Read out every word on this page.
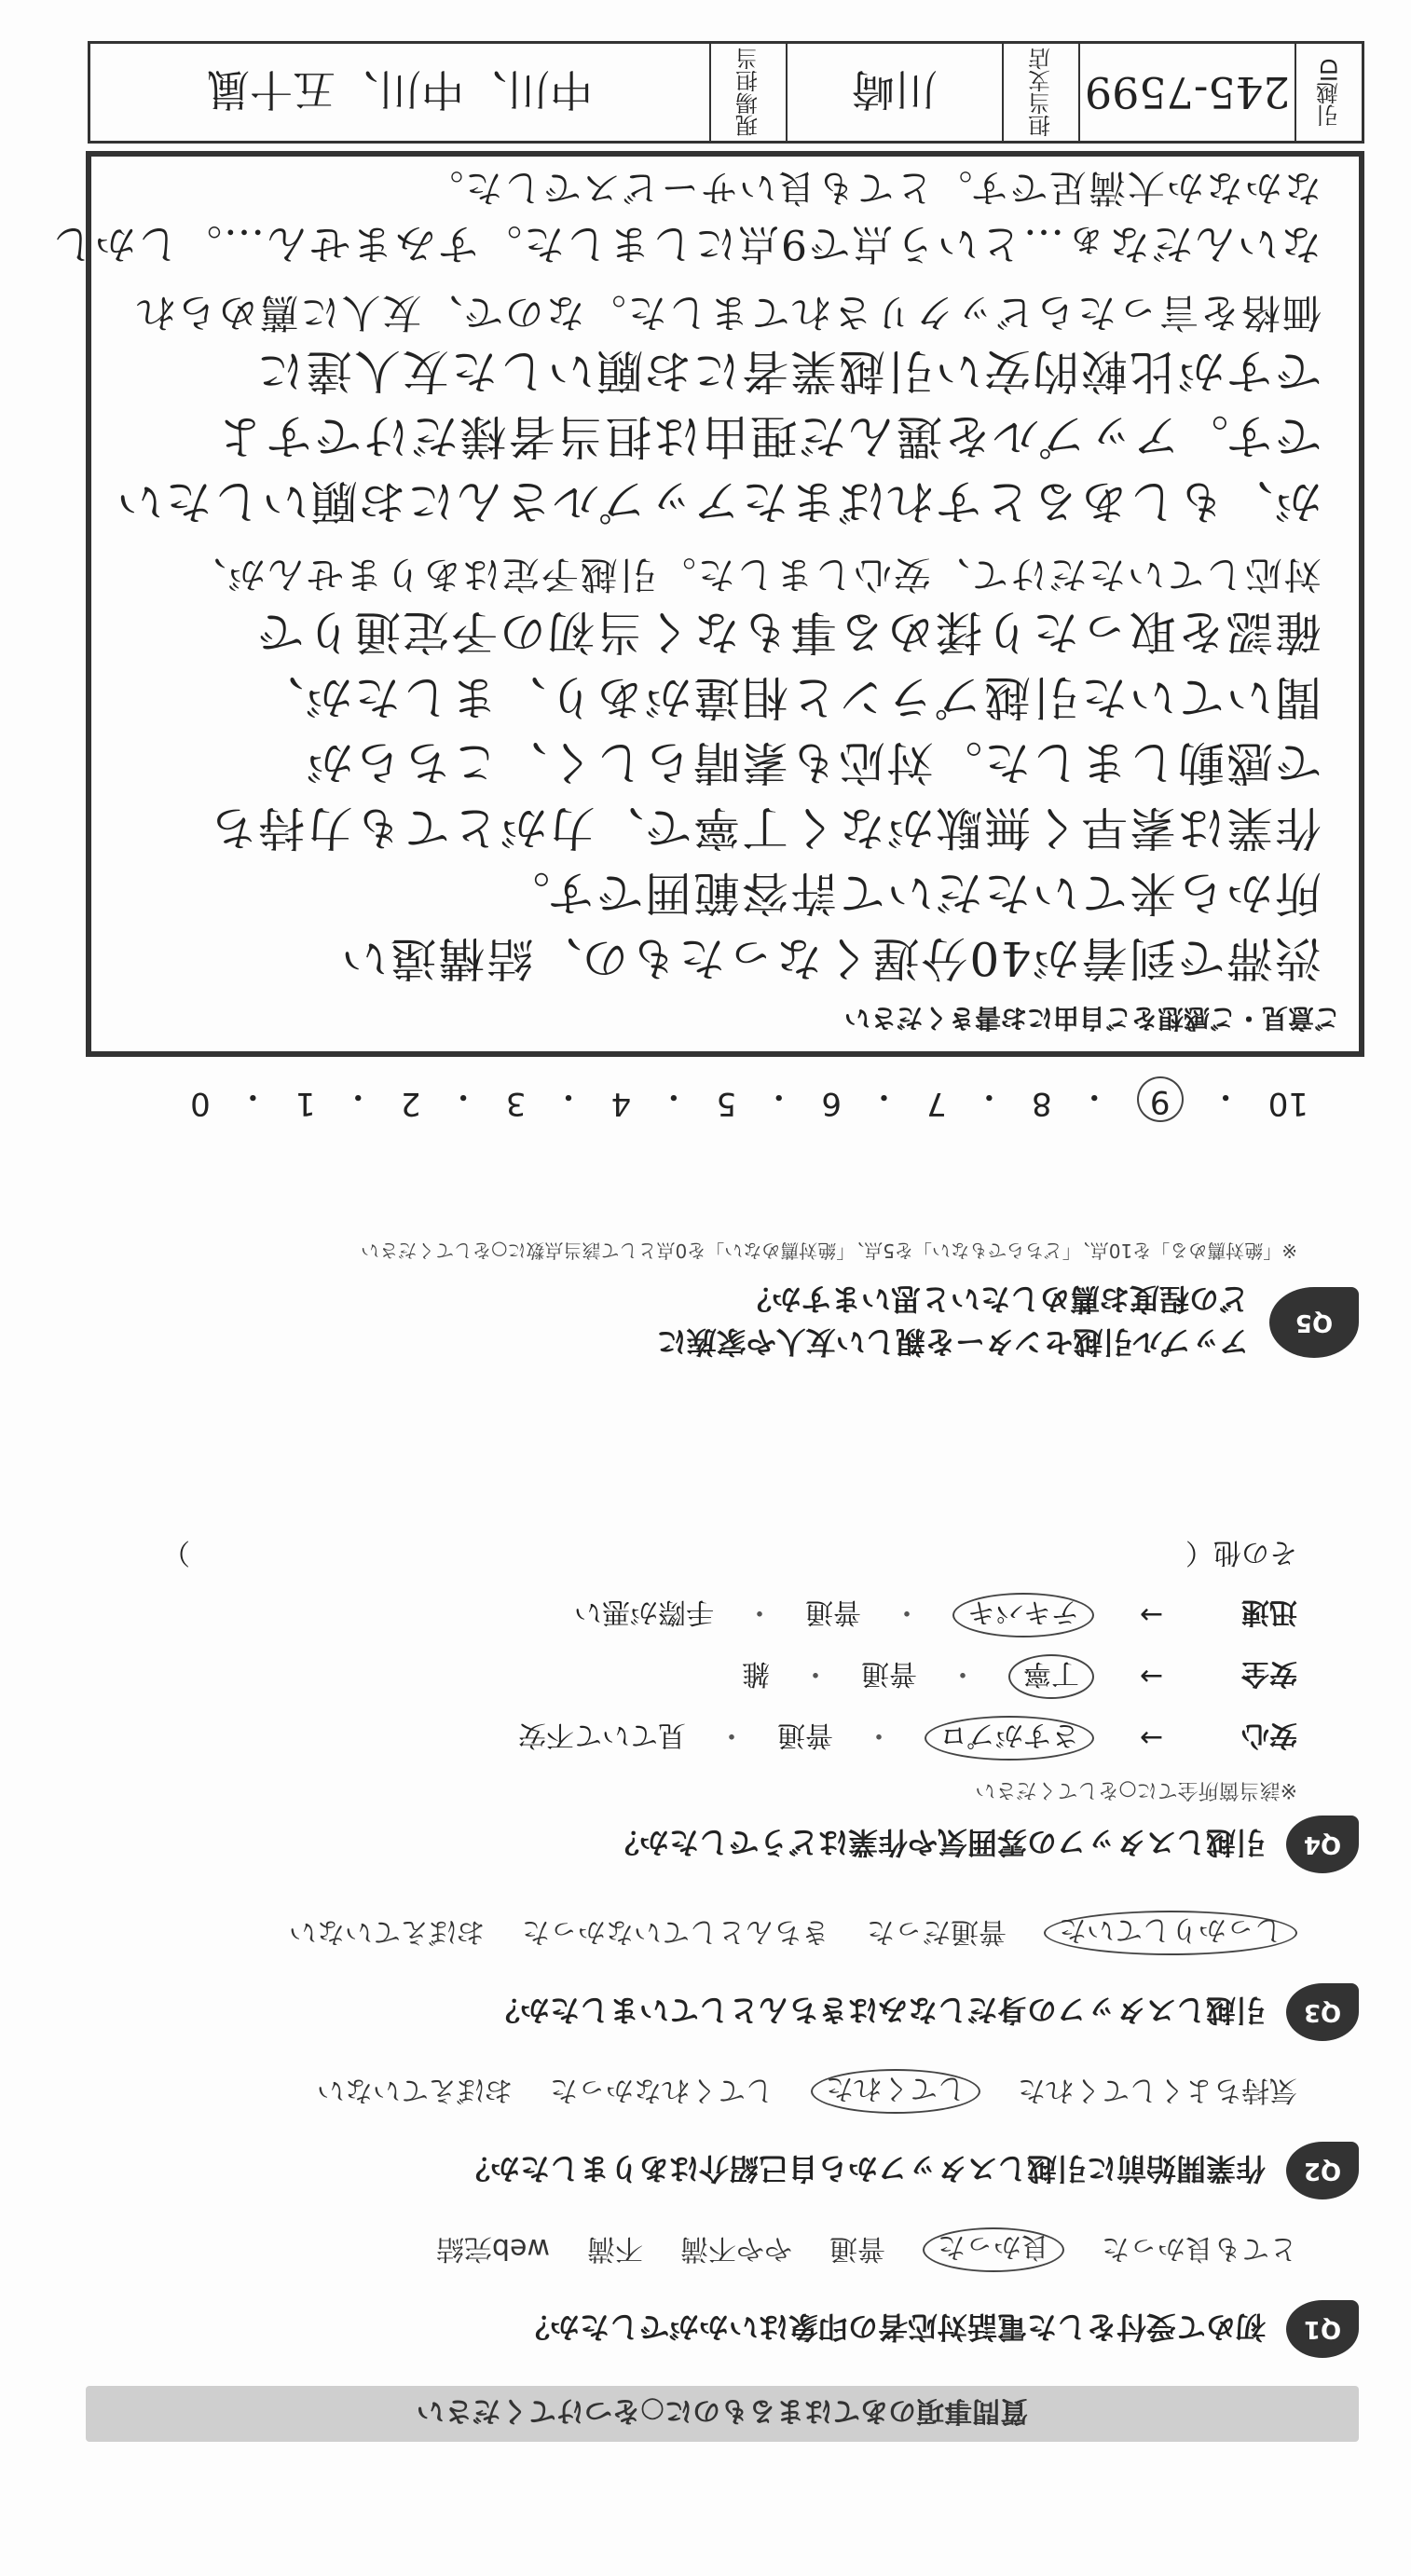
質問事項のあてはまるものに○をつけてください
Q1
初めて受付をした電話対応者の印象はいかがでしたか？
とても良かった
良かった
普通
やや不満
不満
web完結
Q2
作業開始前に引越しスタッフから自己紹介はありましたか？
気持ちよくしてくれた
してくれた
してくれなかった
おぼえていない
Q3
引越しスタッフの身だしなみはきちんとしていましたか？
しっかりしていた
普通だった
きちんとしていなかった
おぼえていない
Q4
引越しスタッフの雰囲気や作業はどうでしたか？
※該当箇所全てに○をしてください
安心
→
さすがプロ
・
普通
・
見ていて不安
安全
→
丁寧
・
普通
・
雑
迅速
→
テキパキ
・
普通
・
手際が悪い
その他（
）
Q5
アップル引越センターを親しい友人や家族に
どの程度お薦めしたいと思いますか？
※「絶対薦める」を10点、「どちらでもない」を5点、「絶対薦めない」を0点として該当点数に○をしてください
10
・
9
・
8
・
7
・
6
・
5
・
4
・
3
・
2
・
1
・
0
ご意見・ご感想をご自由にお書きください
渋滞で到着が40分遅くなったもの、結構遠い
所から来ていただいて許容範囲です。
作業は素早く無駄がなく丁寧で、力がとても力持ち
で感動しました。対応も素晴らしく、こちらが
聞いていた引越プランと相違があり、ましたが、
確認を取ったり揉める事もなく当初の予定通りで
対応していただけて、安心しました。引越予定はありませんが、
が、もしあるとすればまたアップルさんにお願いしたい
です。アップルを選んだ理由は担当者様だけですよ
ですが比較的安い引越業者にお願いした友人達に
価格を言ったらビックリされてました。なので、友人に薦められ
ないんだなぁ…という点で9点にしました。すみません…。しかし
なかなか大満足です。とても良いサービスでした。
引越ID
245-7599
担当支店
川崎
現場担当
中川、中川、五十嵐
